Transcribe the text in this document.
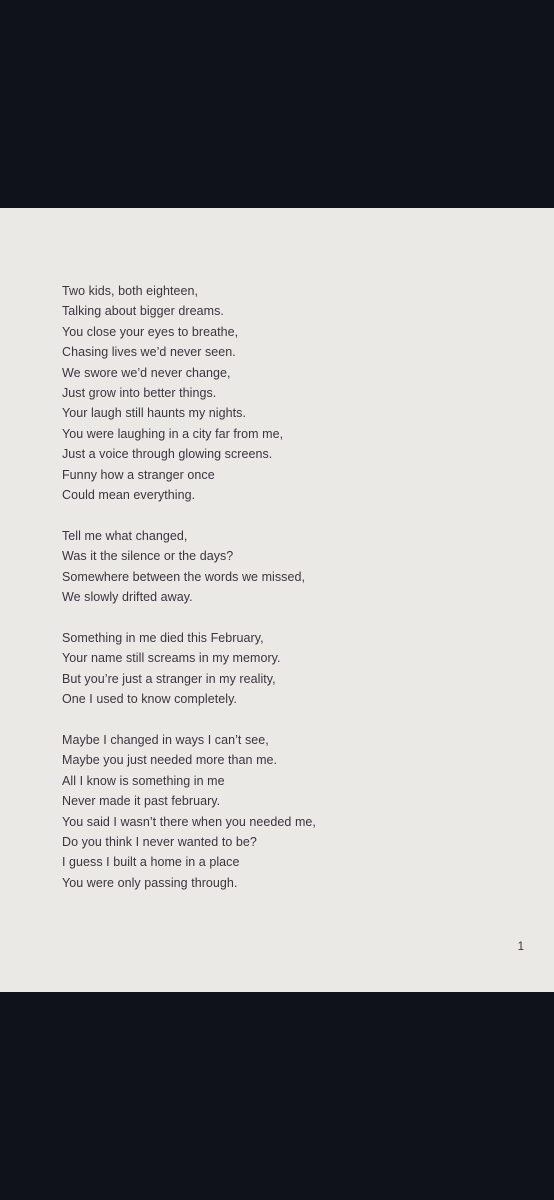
Two kids, both eighteen,
Talking about bigger dreams.
You close your eyes to breathe,
Chasing lives we’d never seen.
We swore we’d never change,
Just grow into better things.
Your laugh still haunts my nights.
You were laughing in a city far from me,
Just a voice through glowing screens.
Funny how a stranger once
Could mean everything.
Tell me what changed,
Was it the silence or the days?
Somewhere between the words we missed,
We slowly drifted away.
Something in me died this February,
Your name still screams in my memory.
But you’re just a stranger in my reality,
One I used to know completely.
Maybe I changed in ways I can’t see,
Maybe you just needed more than me.
All I know is something in me
Never made it past february.
You said I wasn’t there when you needed me,
Do you think I never wanted to be?
I guess I built a home in a place
You were only passing through.
1
